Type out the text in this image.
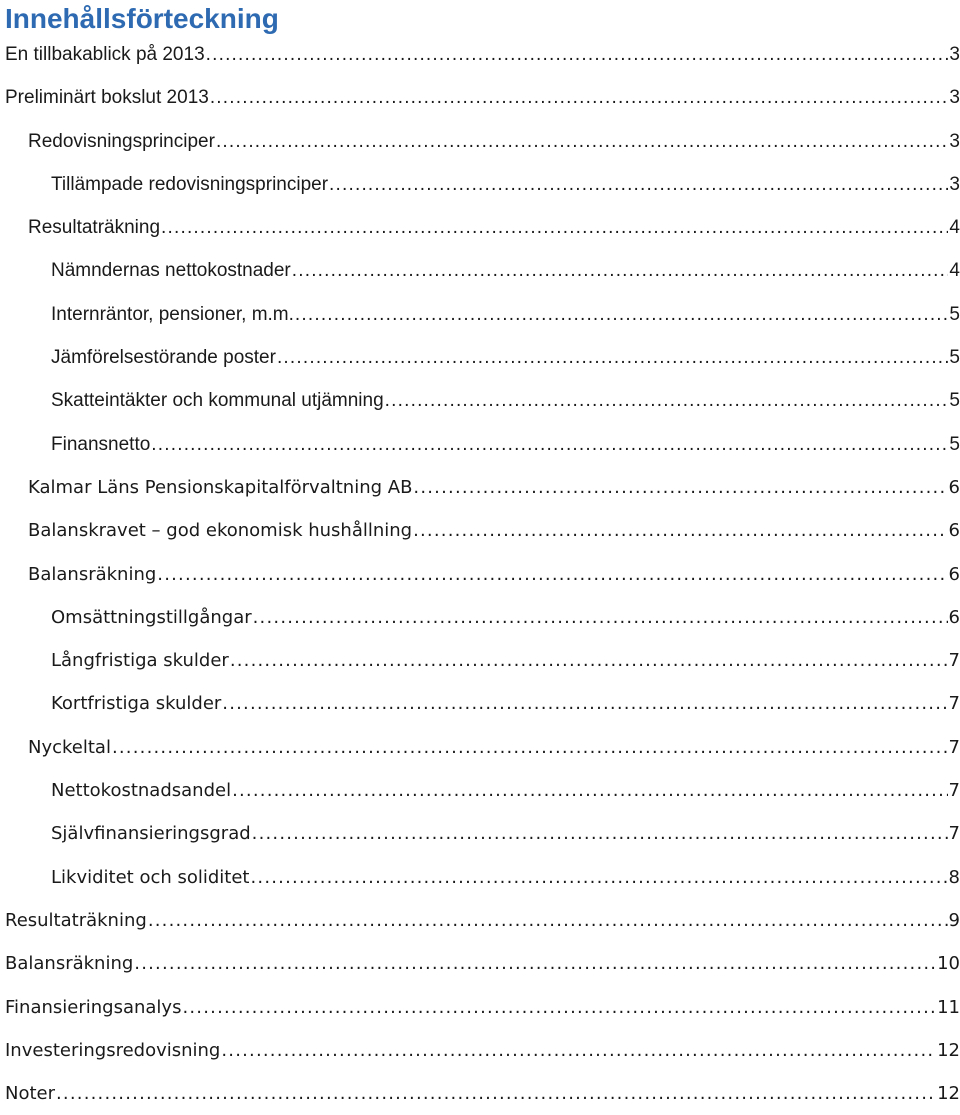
Innehållsförteckning
En tillbakablick på 2013 .....	3
Preliminärt bokslut 2013 .....	3
Redovisningsprinciper .....	3
Tillämpade redovisningsprinciper .....	3
Resultaträkning .....	4
Nämndernas nettokostnader .....	4
Internräntor, pensioner, m.m. .....	5
Jämförelsestörande poster .....	5
Skatteintäkter och kommunal utjämning .....	5
Finansnetto .....	5
Kalmar Läns Pensionskapitalförvaltning AB .....	6
Balanskravet – god ekonomisk hushållning .....	6
Balansräkning .....	6
Omsättningstillgångar .....	6
Långfristiga skulder .....	7
Kortfristiga skulder .....	7
Nyckeltal .....	7
Nettokostnadsandel .....	7
Självfinansieringsgrad .....	7
Likviditet och soliditet .....	8
Resultaträkning .....	9
Balansräkning .....	10
Finansieringsanalys .....	11
Investeringsredovisning .....	12
Noter .....	12
